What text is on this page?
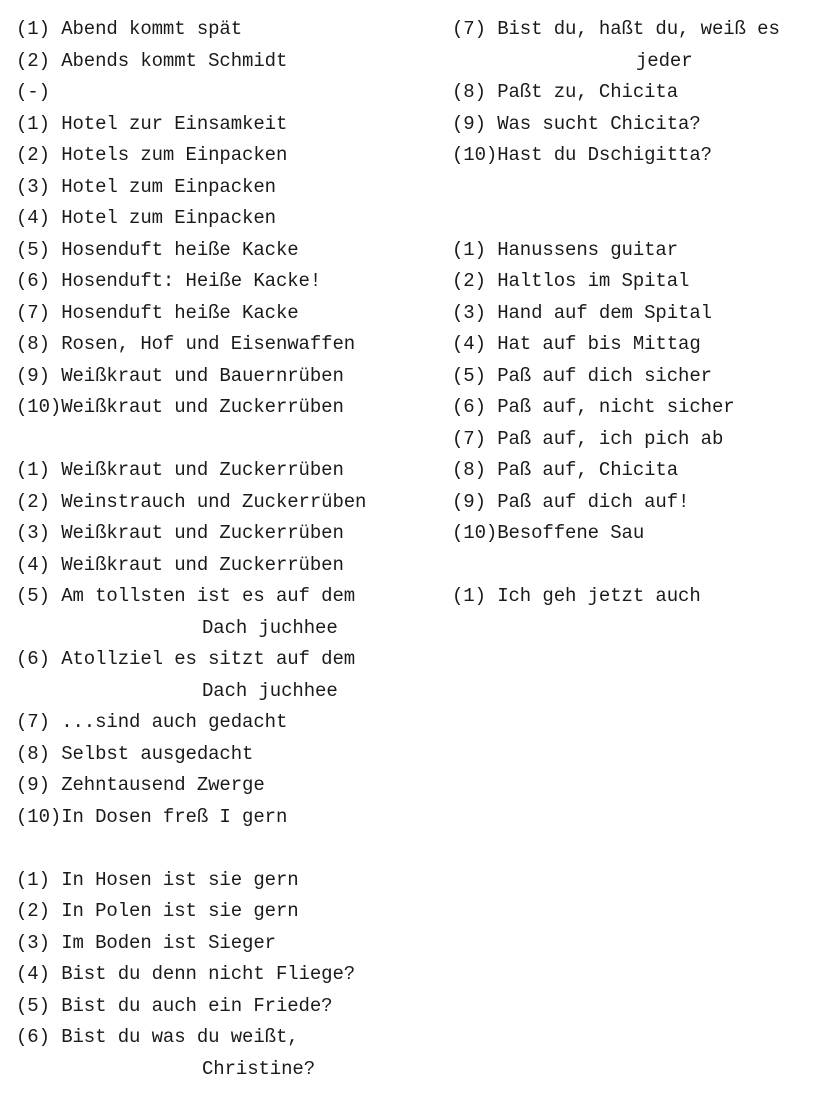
(1) Abend kommt spät
(2) Abends kommt Schmidt
(-)
(1) Hotel zur Einsamkeit
(2) Hotels zum Einpacken
(3) Hotel zum Einpacken
(4) Hotel zum Einpacken
(5) Hosenduft heiße Kacke
(6) Hosenduft: Heiße Kacke!
(7) Hosenduft heiße Kacke
(8) Rosen, Hof und Eisenwaffen
(9) Weißkraut und Bauernrüben
(10)Weißkraut und Zuckerrüben
(1) Weißkraut und Zuckerrüben
(2) Weinstrauch und Zuckerrüben
(3) Weißkraut und Zuckerrüben
(4) Weißkraut und Zuckerrüben
(5) Am tollsten ist es auf dem
Dach juchhee
(6) Atollziel es sitzt auf dem
Dach juchhee
(7) ...sind auch gedacht
(8) Selbst ausgedacht
(9) Zehntausend Zwerge
(10)In Dosen freß I gern
(1) In Hosen ist sie gern
(2) In Polen ist sie gern
(3) Im Boden ist Sieger
(4) Bist du denn nicht Fliege?
(5) Bist du auch ein Friede?
(6) Bist du was du weißt,
Christine?
(7) Bist du, haßt du, weiß es
jeder
(8) Paßt zu, Chicita
(9) Was sucht Chicita?
(10)Hast du Dschigitta?
(1) Hanussens guitar
(2) Haltlos im Spital
(3) Hand auf dem Spital
(4) Hat auf bis Mittag
(5) Paß auf dich sicher
(6) Paß auf, nicht sicher
(7) Paß auf, ich pich ab
(8) Paß auf, Chicita
(9) Paß auf dich auf!
(10)Besoffene Sau
(1) Ich geh jetzt auch
